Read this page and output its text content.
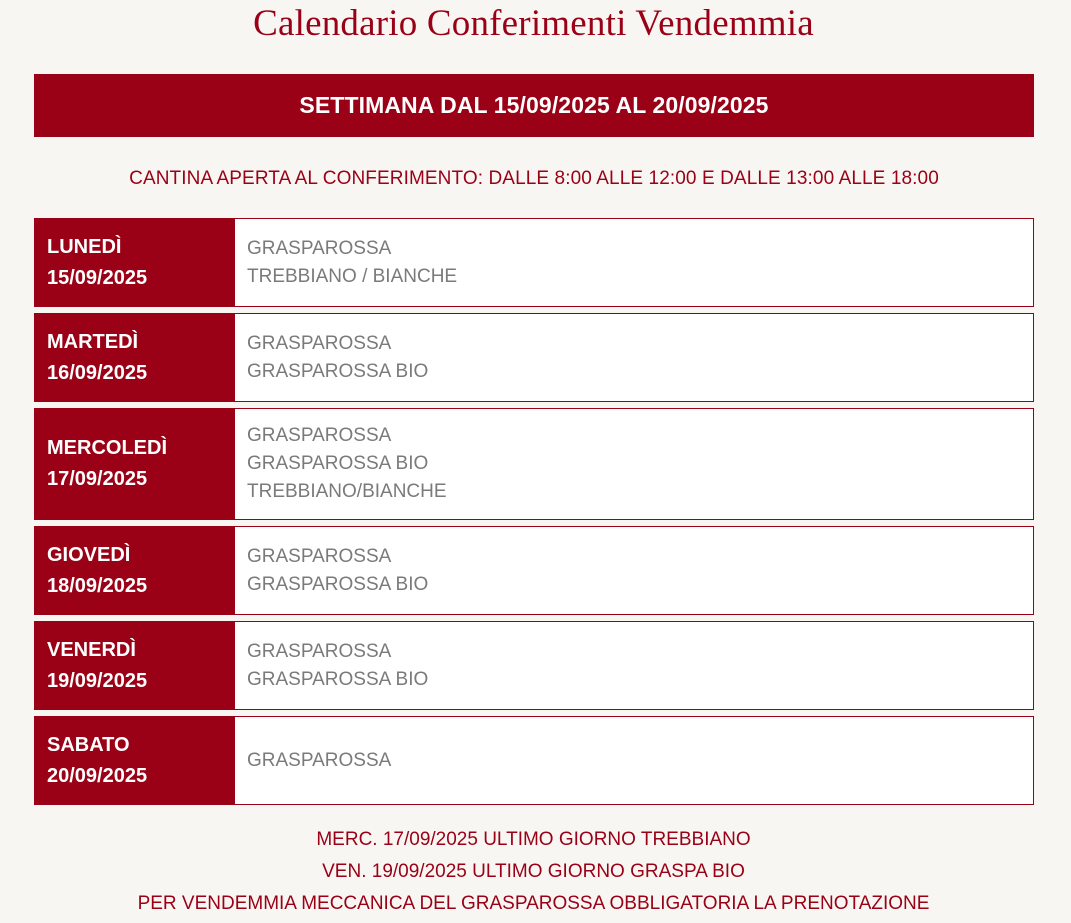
Calendario Conferimenti Vendemmia
SETTIMANA DAL 15/09/2025 AL 20/09/2025
CANTINA APERTA AL CONFERIMENTO: DALLE 8:00 ALLE 12:00 E DALLE 13:00 ALLE 18:00
LUNEDÌ
15/09/2025
GRASPAROSSA
TREBBIANO / BIANCHE
MARTEDÌ
16/09/2025
GRASPAROSSA
GRASPAROSSA BIO
MERCOLEDÌ
17/09/2025
GRASPAROSSA
GRASPAROSSA BIO
TREBBIANO/BIANCHE
GIOVEDÌ
18/09/2025
GRASPAROSSA
GRASPAROSSA BIO
VENERDÌ
19/09/2025
GRASPAROSSA
GRASPAROSSA BIO
SABATO
20/09/2025
GRASPAROSSA
MERC. 17/09/2025 ULTIMO GIORNO TREBBIANO
VEN. 19/09/2025 ULTIMO GIORNO GRASPA BIO
PER VENDEMMIA MECCANICA DEL GRASPAROSSA OBBLIGATORIA LA PRENOTAZIONE
